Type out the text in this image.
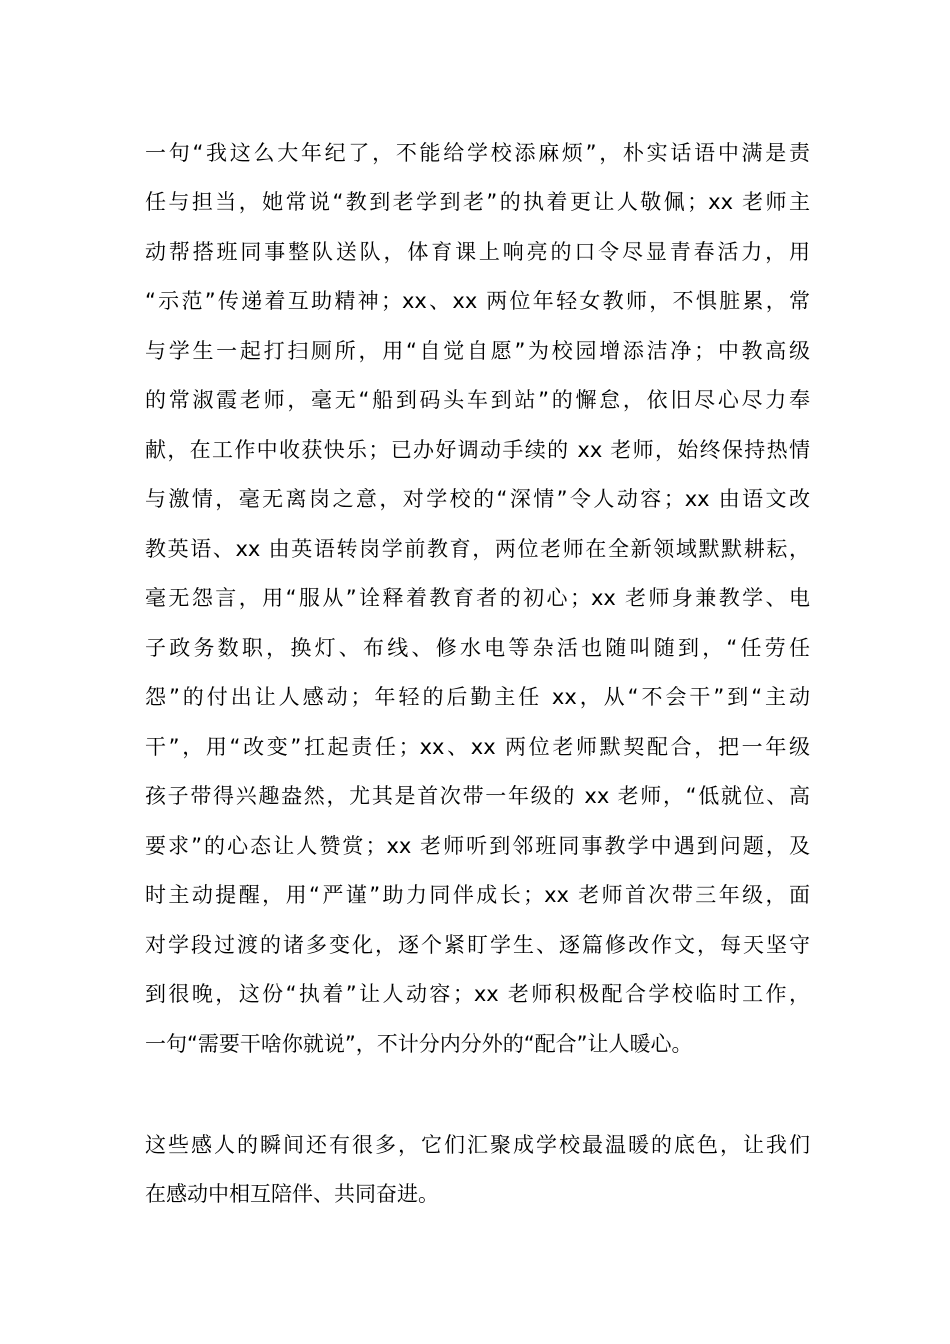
一句“我这么大年纪了，不能给学校添麻烦”，朴实话语中满是责
任与担当，她常说“教到老学到老”的执着更让人敬佩；xx 老师主
动帮搭班同事整队送队，体育课上响亮的口令尽显青春活力，用
“示范”传递着互助精神；xx、xx 两位年轻女教师，不惧脏累，常
与学生一起打扫厕所，用“自觉自愿”为校园增添洁净；中教高级
的常淑霞老师，毫无“船到码头车到站”的懈怠，依旧尽心尽力奉
献，在工作中收获快乐；已办好调动手续的 xx 老师，始终保持热情
与激情，毫无离岗之意，对学校的“深情”令人动容；xx 由语文改
教英语、xx 由英语转岗学前教育，两位老师在全新领域默默耕耘，
毫无怨言，用“服从”诠释着教育者的初心；xx 老师身兼教学、电
子政务数职，换灯、布线、修水电等杂活也随叫随到，“任劳任
怨”的付出让人感动；年轻的后勤主任 xx，从“不会干”到“主动
干”，用“改变”扛起责任；xx、xx 两位老师默契配合，把一年级
孩子带得兴趣盎然，尤其是首次带一年级的 xx 老师，“低就位、高
要求”的心态让人赞赏；xx 老师听到邻班同事教学中遇到问题，及
时主动提醒，用“严谨”助力同伴成长；xx 老师首次带三年级，面
对学段过渡的诸多变化，逐个紧盯学生、逐篇修改作文，每天坚守
到很晚，这份“执着”让人动容；xx 老师积极配合学校临时工作，
一句“需要干啥你就说”，不计分内分外的“配合”让人暖心。
这些感人的瞬间还有很多，它们汇聚成学校最温暖的底色，让我们
在感动中相互陪伴、共同奋进。
